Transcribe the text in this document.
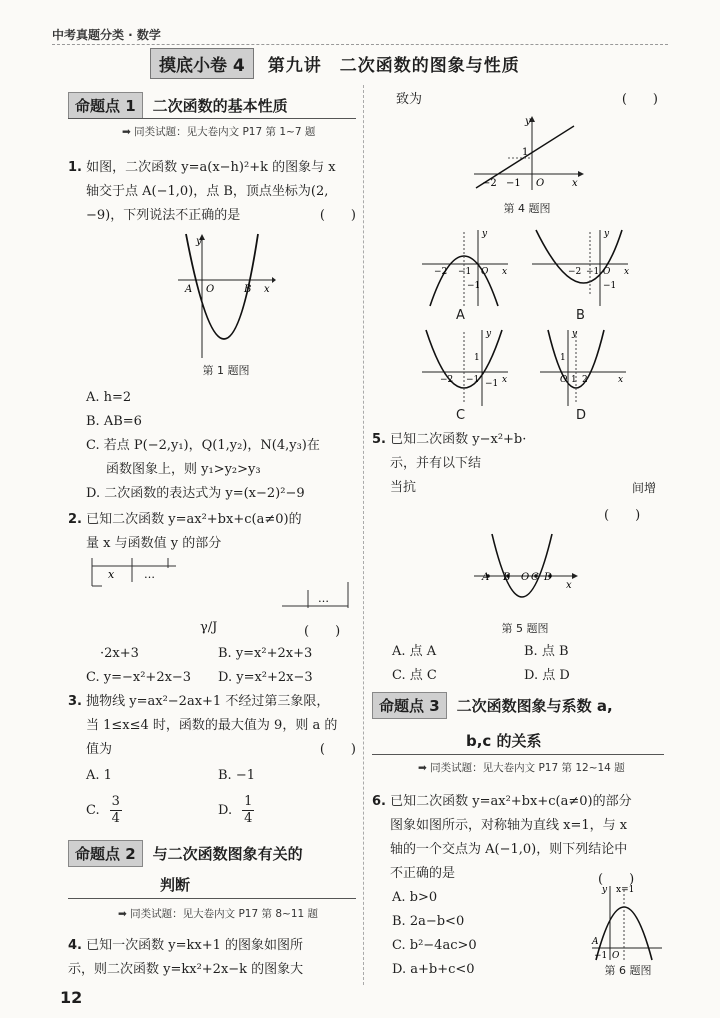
中考真题分类 · 数学
摸底小卷 4	第九讲　二次函数的图象与性质
命题点 1	二次函数的基本性质
➡ 同类试题：见大卷内文 P17 第 1~7 题
1. 如图，二次函数 y=a(x−h)²+k 的图象与 x
轴交于点 A(−1,0)，点 B，顶点坐标为(2,
−9)，下列说法不正确的是	(　　)
y
x
A O	B
第 1 题图
A. h=2
B. AB=6
C. 若点 P(−2,y₁)，Q(1,y₂)，N(4,y₃)在
函数图象上，则 y₁>y₂>y₃
D. 二次函数的表达式为 y=(x−2)²−9
2. 已知二次函数 y=ax²+bx+c(a≠0)的
量 x 与函数值 y 的部分
x	…
…
γ∕J	(　　)
·2x+3	B. y=x²+2x+3
C. y=−x²+2x−3 D. y=x²+2x−3
3. 抛物线 y=ax²−2ax+1 不经过第三象限，
当 1≤x≤4 时，函数的最大值为 9，则 a 的
值为	(　　)
A. 1	B. −1
C. $\frac{3}{4}$	D. $\frac{1}{4}$
命题点 2	与二次函数图象有关的
判断
➡ 同类试题：见大卷内文 P17 第 8~11 题
4. 已知一次函数 y=kx+1 的图象如图所
示，则二次函数 y=kx²+2x−k 的图象大
12
致为	(　　)
y
x
1
−2 −1 O
第 4 题图
y
x
−2 −1 O
−1
A
y
x
−2 −1 O
−1
B
y
x
−2 −1
1
−1
C
y
x
1
O 1 2
D
5. 已知二次函数 y−x²+b·
示，并有以下结
当抗	间增
(　　)
A B O C D
x
第 5 题图
A. 点 A	B. 点 B
C. 点 C	D. 点 D
命题点 3	二次函数图象与系数 a,
b,c 的关系
➡ 同类试题：见大卷内文 P17 第 12~14 题
6. 已知二次函数 y=ax²+bx+c(a≠0)的部分
图象如图所示，对称轴为直线 x=1，与 x
轴的一个交点为 A(−1,0)，则下列结论中
不正确的是	(　　)
A. b>0
B. 2a−b<0
C. b²−4ac>0
D. a+b+c<0
y x=1
A
−1 O
第 6 题图
